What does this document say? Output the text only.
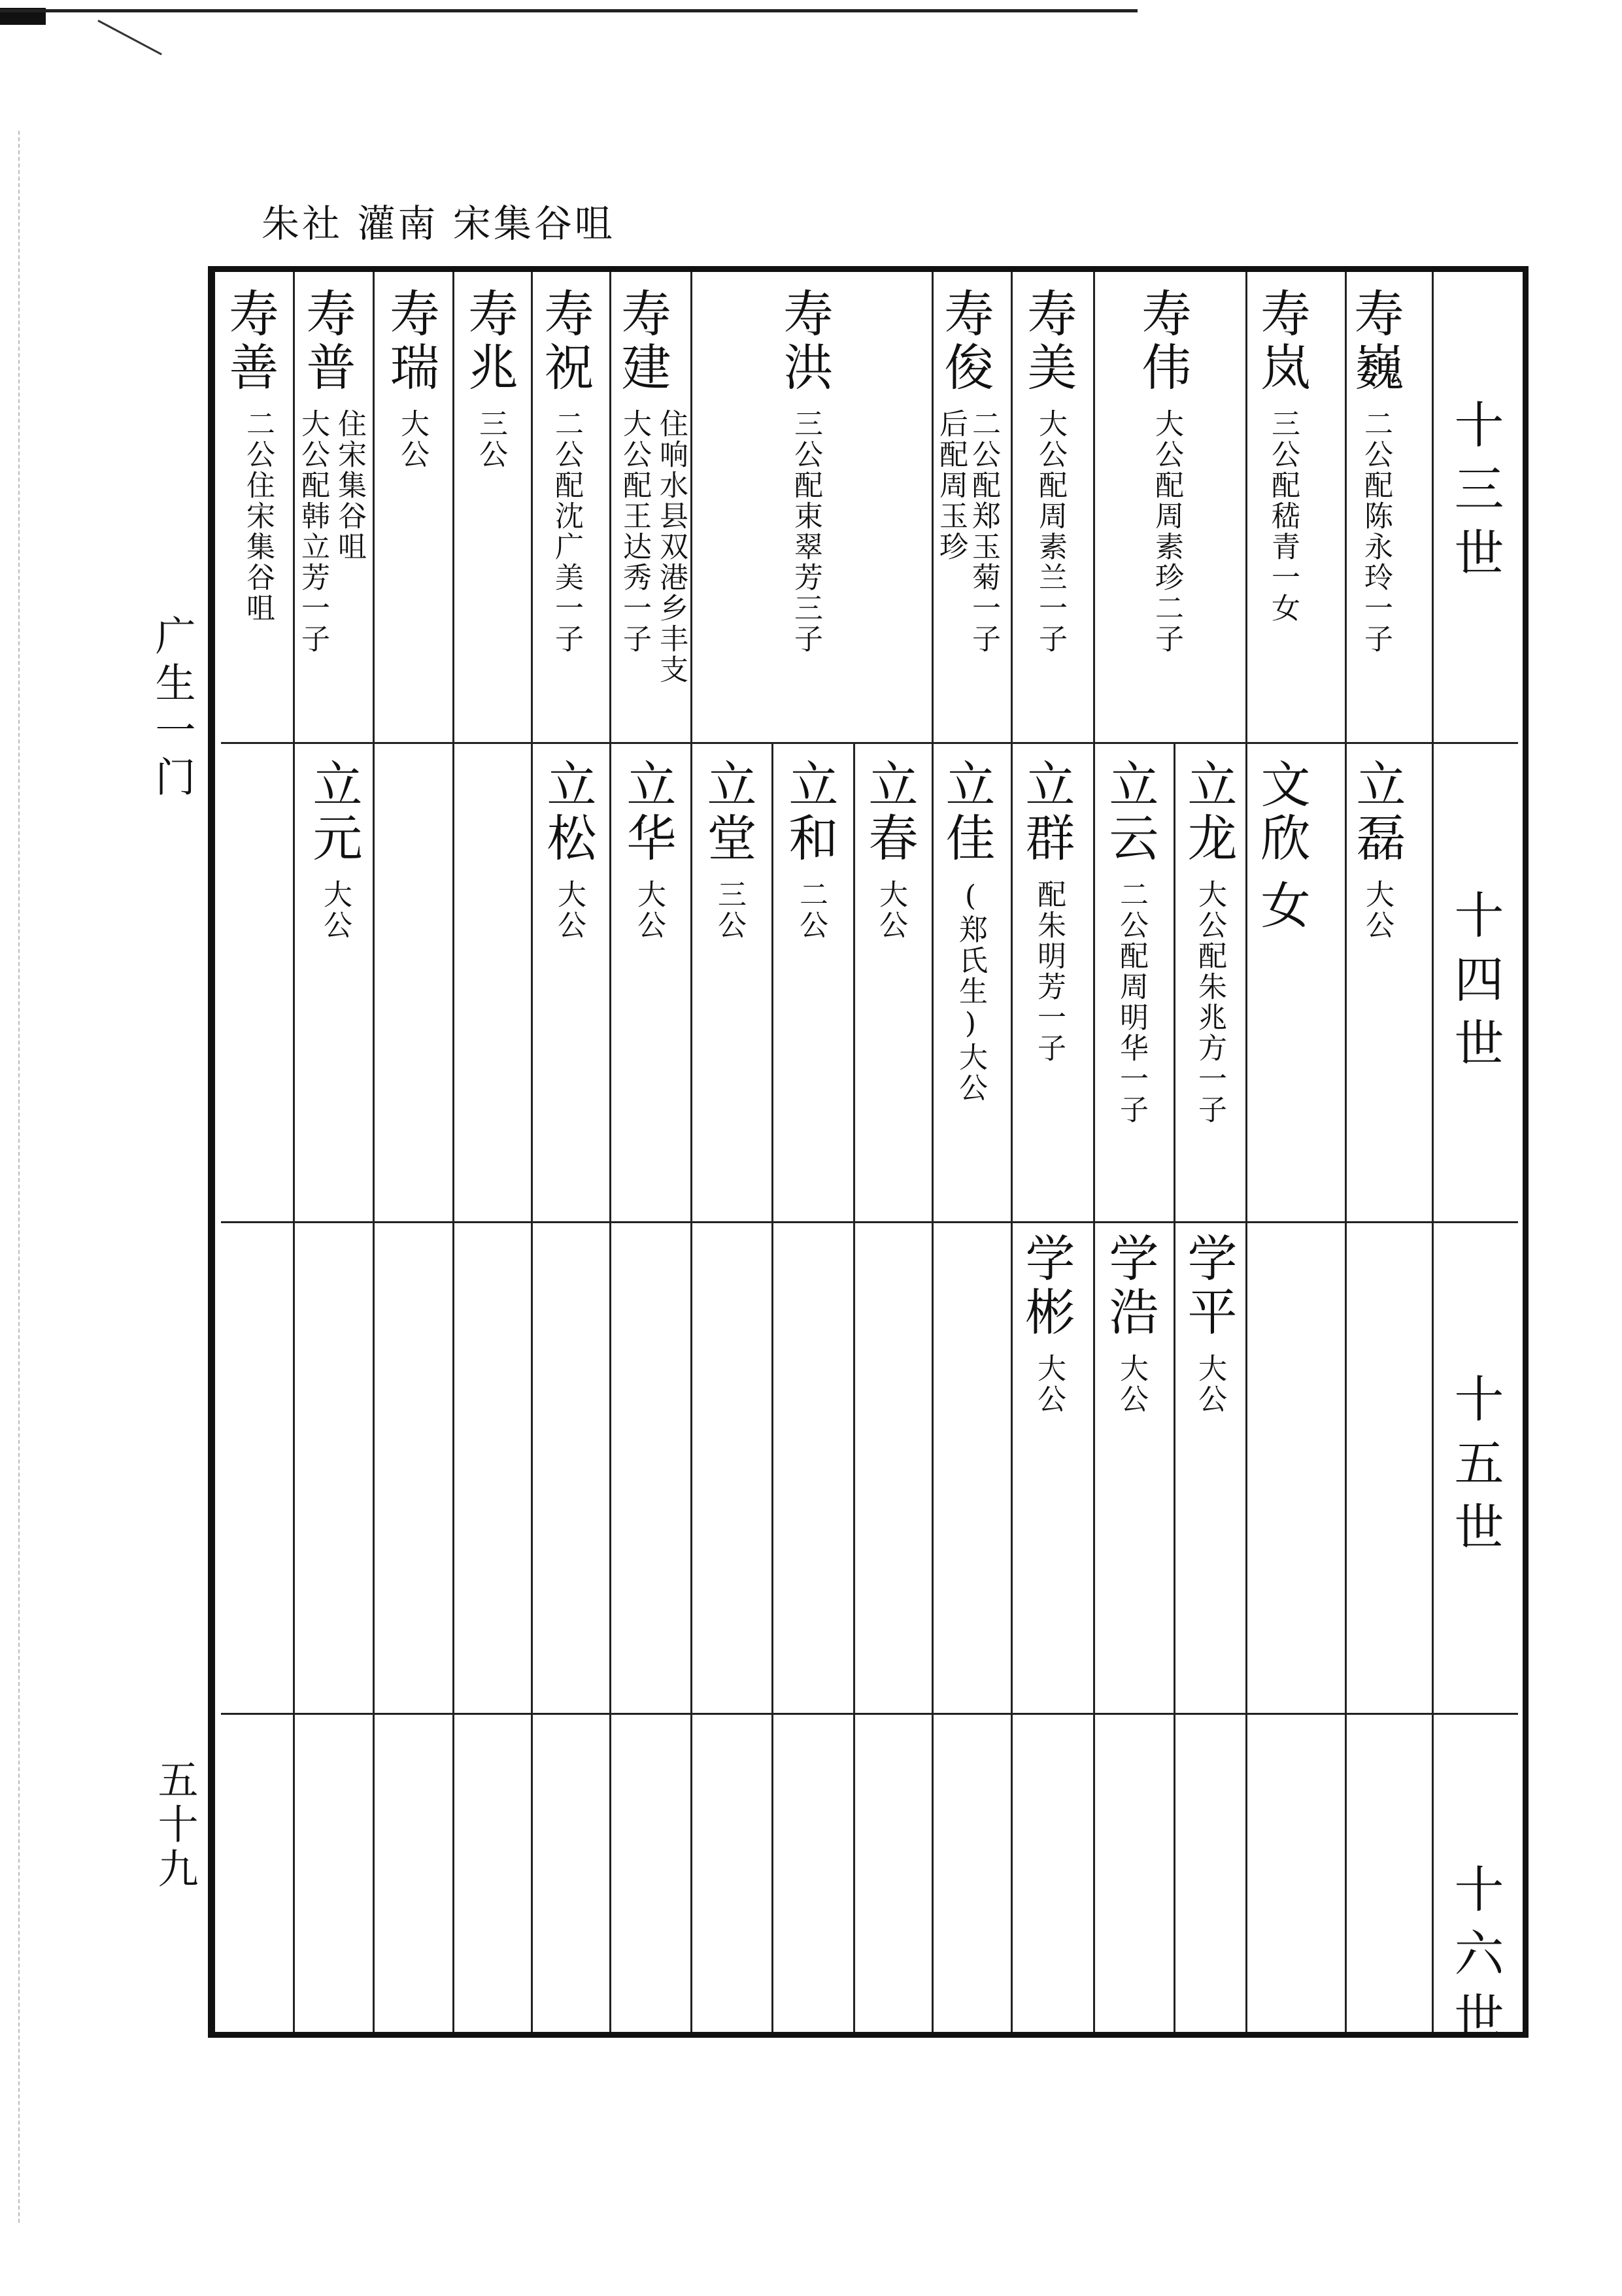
朱社 灌南 宋集谷咀
广生一门
五十九
十三世
十四世
十五世
十六世
寿巍
二公配陈永玲一子
寿岚
三公配嵇青一女
寿伟
大公配周素珍二子
寿美
大公配周素兰一子
寿俊
二公配郑玉菊一子
后配周玉珍
寿洪
三公配束翠芳三子
寿建
住响水县双港乡丰支
大公配王达秀一子
寿祝
二公配沈广美一子
寿兆
三公
寿瑞
大公
寿普
住宋集谷咀
大公配韩立芳一子
寿善
二公住宋集谷咀
立磊
大公
文欣
女
立龙
大公配朱兆方一子
立云
二公配周明华一子
立群
配朱明芳一子
立佳
(郑氏生)大公
立春
大公
立和
二公
立堂
三公
立华
大公
立松
大公
立元
大公
学平
大公
学浩
大公
学彬
大公
